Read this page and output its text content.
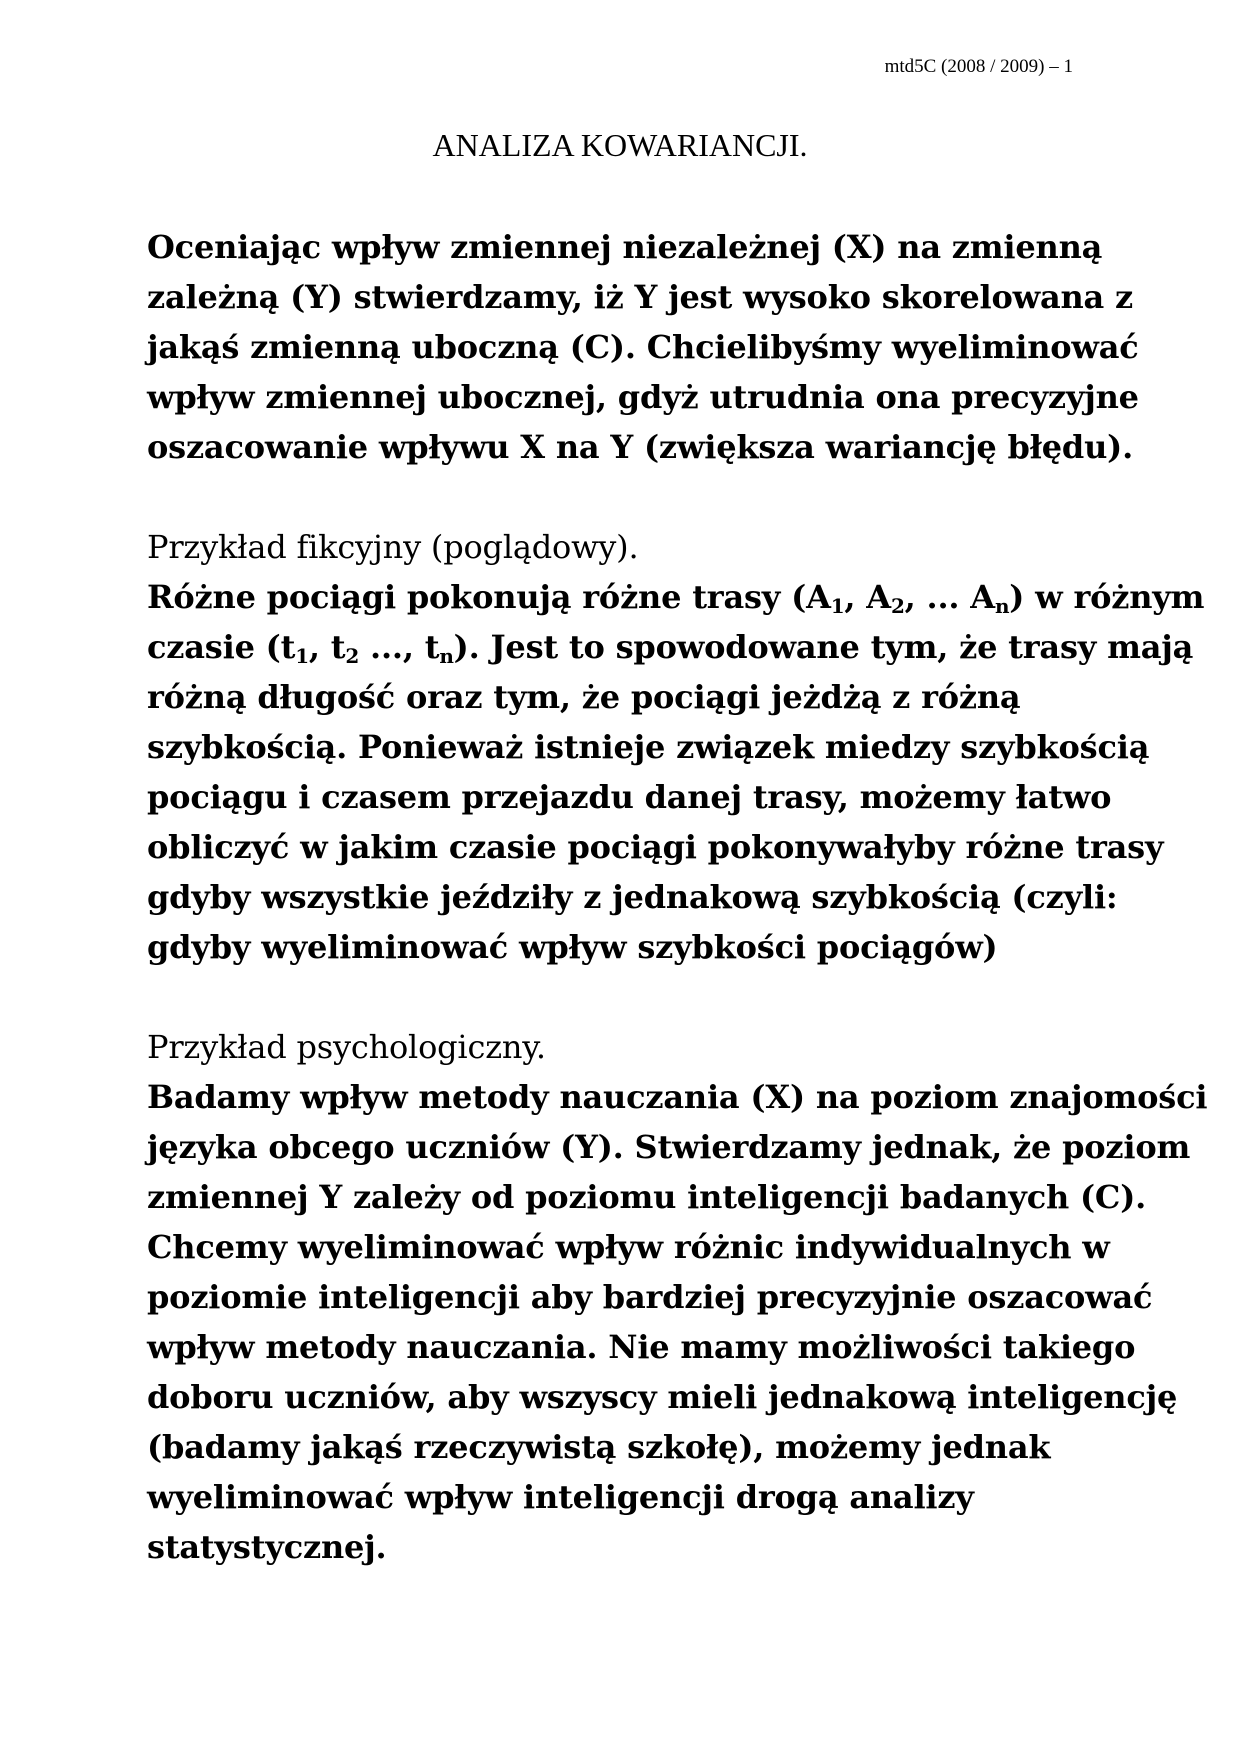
mtd5C (2008 / 2009) – 1
ANALIZA KOWARIANCJI.

Oceniając wpływ zmiennej niezależnej (X) na zmienną

zależną (Y) stwierdzamy, iż Y jest wysoko skorelowana z

jakąś zmienną uboczną (C). Chcielibyśmy wyeliminować

wpływ zmiennej ubocznej, gdyż utrudnia ona precyzyjne

oszacowanie wpływu X na Y (zwiększa wariancję błędu).

Przykład fikcyjny (poglądowy).

Różne pociągi pokonują różne trasy ($A_1$, $A_2$, ... $A_n$) w różnym

czasie ($t_1$, $t_2$ ..., $t_n$). Jest to spowodowane tym, że trasy mają

różną długość oraz tym, że pociągi jeżdżą z różną

szybkością. Ponieważ istnieje związek miedzy szybkością

pociągu i czasem przejazdu danej trasy, możemy łatwo

obliczyć w jakim czasie pociągi pokonywałyby różne trasy

gdyby wszystkie jeździły z jednakową szybkością (czyli:

gdyby wyeliminować wpływ szybkości pociągów)

Przykład psychologiczny.

Badamy wpływ metody nauczania (X) na poziom znajomości

języka obcego uczniów (Y). Stwierdzamy jednak, że poziom

zmiennej Y zależy od poziomu inteligencji badanych (C).

Chcemy wyeliminować wpływ różnic indywidualnych w

poziomie inteligencji aby bardziej precyzyjnie oszacować

wpływ metody nauczania. Nie mamy możliwości takiego

doboru uczniów, aby wszyscy mieli jednakową inteligencję

(badamy jakąś rzeczywistą szkołę), możemy jednak

wyeliminować wpływ inteligencji drogą analizy

statystycznej.
